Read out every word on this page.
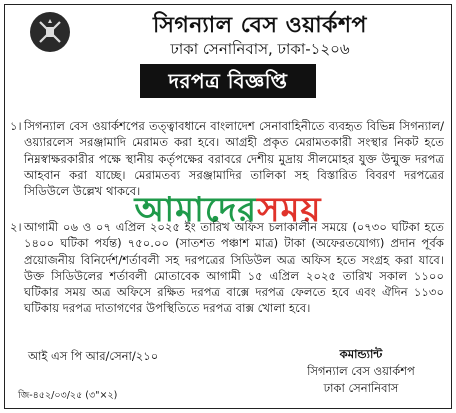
সিগন্যাল বেস ওয়ার্কশপ
ঢাকা সেনানিবাস, ঢাকা-১২০৬
দরপত্র বিজ্ঞপ্তি
১। সিগন্যাল বেস ওয়ার্কশপের তত্ত্বাবধানে বাংলাদেশ সেনাবাহিনীতে ব্যবহৃত বিভিন্ন সিগন্যাল/ওয়্যারলেস সরঞ্জামাদি মেরামত করা হবে। আগ্রহী প্রকৃত মেরামতকারী সংস্থার নিকট হতে নিম্নস্বাক্ষরকারীর পক্ষে স্থানীয় কর্তৃপক্ষের বরাবরে দেশীয় মুদ্রায় সীলমোহর যুক্ত উন্মুক্ত দরপত্র আহবান করা যাচ্ছে। মেরামতব্য সরঞ্জামাদির তালিকা সহ বিস্তারিত বিবরণ দরপত্রের সিডিউলে উল্লেখ থাকবে।
আমাদেরসময়
২। আগামী ০৬ ও ০৭ এপ্রিল ২০২৫ ইং তারিখ অফিস চলাকালীন সময়ে (০৭৩০ ঘটিকা হতে ১৪০০ ঘটিকা পর্যন্ত) ৭৫০.০০ (সাতশত পঞ্চাশ মাত্র) টাকা (অফেরতযোগ্য) প্রদান পূর্বক প্রয়োজনীয় বিনির্দেশ/শর্তাবলী সহ দরপত্রের সিডিউল অত্র অফিস হতে সংগ্রহ করা যাবে। উক্ত সিডিউলের শর্তাবলী মোতাবেক আগামী ১৫ এপ্রিল ২০২৫ তারিখ সকাল ১১০০ ঘটিকার সময় অত্র অফিসে রক্ষিত দরপত্র বাক্সে দরপত্র ফেলতে হবে এবং ঐদিন ১১৩০ ঘটিকায় দরপত্র দাতাগণের উপস্থিতিতে দরপত্র বাক্স খোলা হবে।
আই এস পি আর/সেনা/২১০	কমান্ড্যান্ট
সিগন্যাল বেস ওয়ার্কশপ
ঢাকা সেনানিবাস
জি-৪৫২/০৩/২৫ (৩"×২)
